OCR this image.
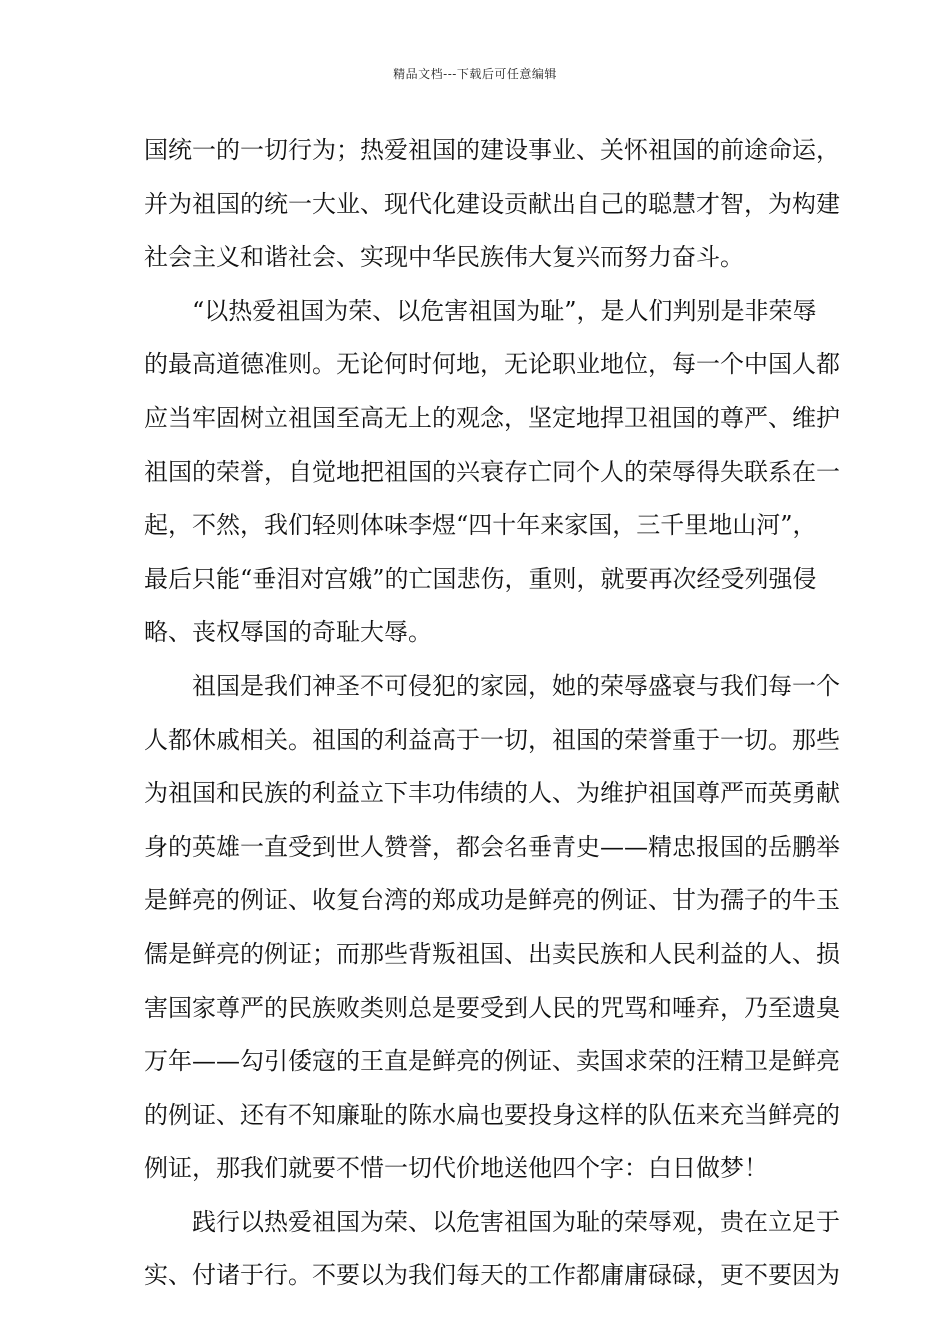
精品文档---下载后可任意编辑
国统一的一切行为；热爱祖国的建设事业、关怀祖国的前途命运，
并为祖国的统一大业、现代化建设贡献出自己的聪慧才智，为构建
社会主义和谐社会、实现中华民族伟大复兴而努力奋斗。
“以热爱祖国为荣、以危害祖国为耻”，是人们判别是非荣辱
的最高道德准则。无论何时何地，无论职业地位，每一个中国人都
应当牢固树立祖国至高无上的观念，坚定地捍卫祖国的尊严、维护
祖国的荣誉，自觉地把祖国的兴衰存亡同个人的荣辱得失联系在一
起，不然，我们轻则体味李煜“四十年来家国，三千里地山河”，
最后只能“垂泪对宫娥”的亡国悲伤，重则，就要再次经受列强侵
略、丧权辱国的奇耻大辱。
祖国是我们神圣不可侵犯的家园，她的荣辱盛衰与我们每一个
人都休戚相关。祖国的利益高于一切，祖国的荣誉重于一切。那些
为祖国和民族的利益立下丰功伟绩的人、为维护祖国尊严而英勇献
身的英雄一直受到世人赞誉，都会名垂青史——精忠报国的岳鹏举
是鲜亮的例证、收复台湾的郑成功是鲜亮的例证、甘为孺子的牛玉
儒是鲜亮的例证；而那些背叛祖国、出卖民族和人民利益的人、损
害国家尊严的民族败类则总是要受到人民的咒骂和唾弃，乃至遗臭
万年——勾引倭寇的王直是鲜亮的例证、卖国求荣的汪精卫是鲜亮
的例证、还有不知廉耻的陈水扁也要投身这样的队伍来充当鲜亮的
例证，那我们就要不惜一切代价地送他四个字：白日做梦！
践行以热爱祖国为荣、以危害祖国为耻的荣辱观，贵在立足于
实、付诸于行。不要以为我们每天的工作都庸庸碌碌，更不要因为
